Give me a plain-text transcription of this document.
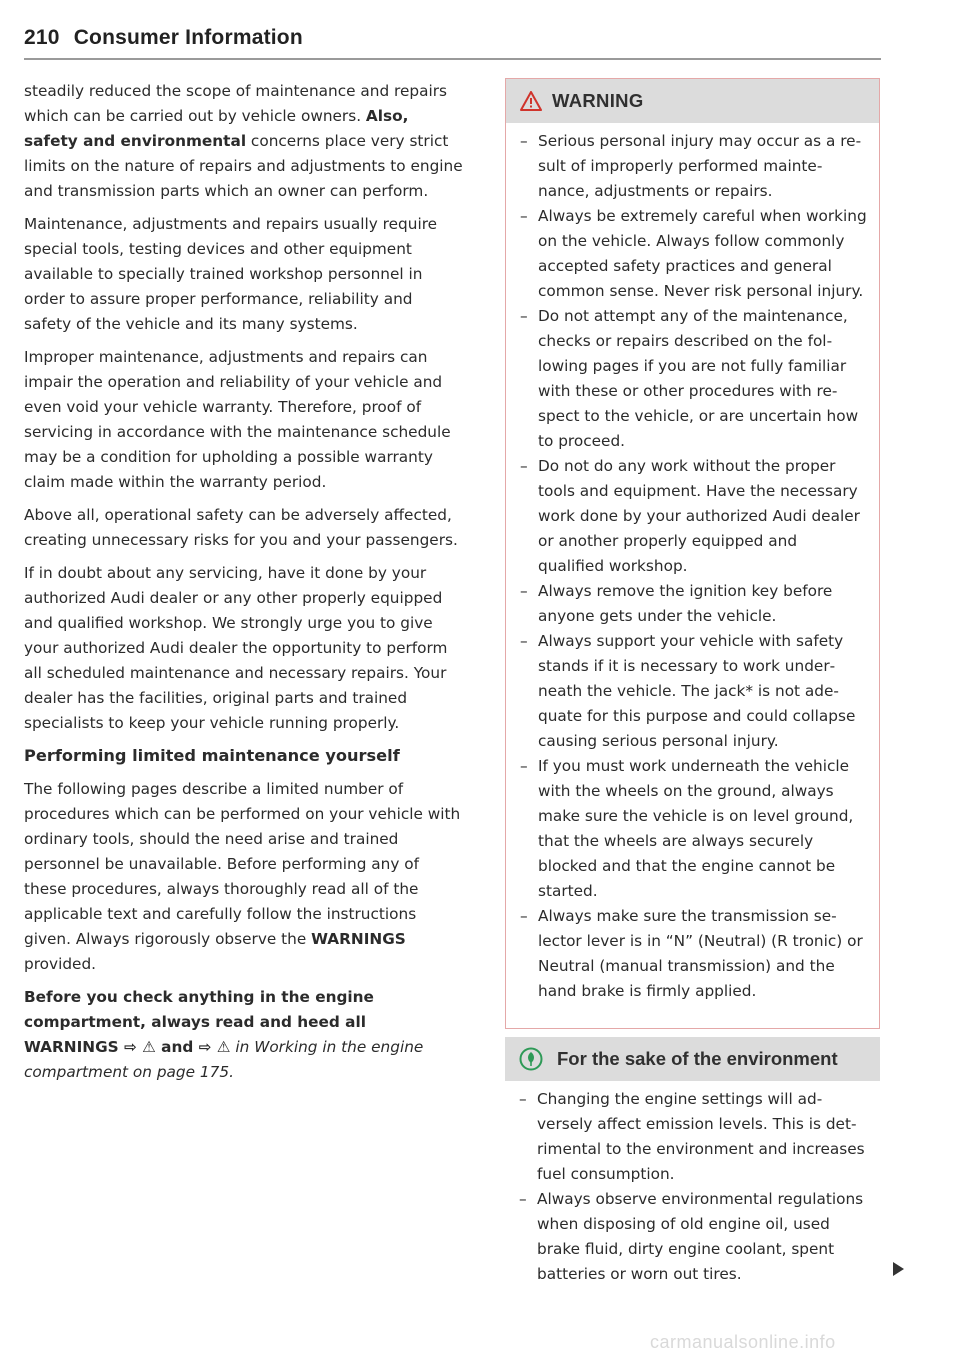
210 Consumer Information

steadily reduced the scope of maintenance and repairs which can be carried out by vehicle owners. Also, safety and environmental concerns place very strict limits on the nature of repairs and adjustments to engine and transmission parts which an owner can perform.

Maintenance, adjustments and repairs usually require special tools, testing devices and other equipment available to specially trained workshop personnel in order to assure proper performance, reliability and safety of the vehicle and its many systems.

Improper maintenance, adjustments and repairs can impair the operation and reliability of your vehicle and even void your vehicle warranty. Therefore, proof of servicing in accordance with the maintenance schedule may be a condition for upholding a possible warranty claim made within the warranty period.

Above all, operational safety can be adversely affected, creating unnecessary risks for you and your passengers.

If in doubt about any servicing, have it done by your authorized Audi dealer or any other properly equipped and qualified workshop. We strongly urge you to give your authorized Audi dealer the opportunity to perform all scheduled maintenance and necessary repairs. Your dealer has the facilities, original parts and trained specialists to keep your vehicle running properly.

Performing limited maintenance yourself

The following pages describe a limited number of procedures which can be performed on your vehicle with ordinary tools, should the need arise and trained personnel be unavailable. Before performing any of these procedures, always thoroughly read all of the applicable text and carefully follow the instructions given. Always rigorously observe the WARNINGS provided.

Before you check anything in the engine compartment, always read and heed all WARNINGS ⇨ ⚠ and ⇨ ⚠ in Working in the engine compartment on page 175.

WARNING
– Serious personal injury may occur as a result of improperly performed maintenance, adjustments or repairs.
– Always be extremely careful when working on the vehicle. Always follow commonly accepted safety practices and general common sense. Never risk personal injury.
– Do not attempt any of the maintenance, checks or repairs described on the following pages if you are not fully familiar with these or other procedures with respect to the vehicle, or are uncertain how to proceed.
– Do not do any work without the proper tools and equipment. Have the necessary work done by your authorized Audi dealer or another properly equipped and qualified workshop.
– Always remove the ignition key before anyone gets under the vehicle.
– Always support your vehicle with safety stands if it is necessary to work underneath the vehicle. The jack* is not adequate for this purpose and could collapse causing serious personal injury.
– If you must work underneath the vehicle with the wheels on the ground, always make sure the vehicle is on level ground, that the wheels are always securely blocked and that the engine cannot be started.
– Always make sure the transmission selector lever is in “N” (Neutral) (R tronic) or Neutral (manual transmission) and the hand brake is firmly applied.
For the sake of the environment
– Changing the engine settings will adversely affect emission levels. This is detrimental to the environment and increases fuel consumption.
– Always observe environmental regulations when disposing of old engine oil, used brake fluid, dirty engine coolant, spent batteries or worn out tires.
carmanualsonline.info
